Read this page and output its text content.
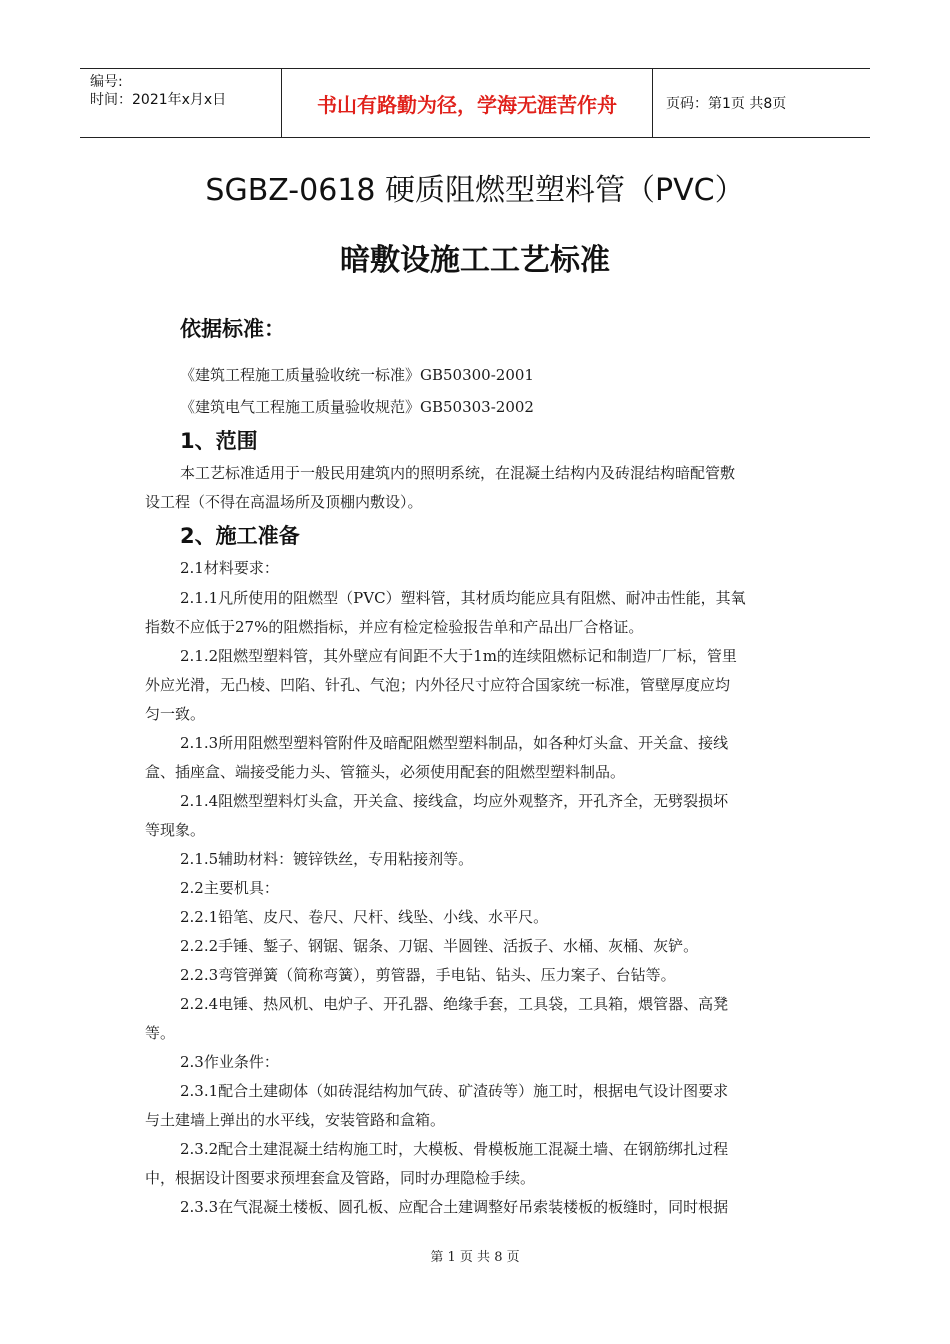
编号:
时间：2021年x月x日	书山有路勤为径，学海无涯苦作舟	页码：第1页 共8页
SGBZ-0618 硬质阻燃型塑料管（PVC）
暗敷设施工工艺标准
依据标准：
《建筑工程施工质量验收统一标准》GB50300-2001
《建筑电气工程施工质量验收规范》GB50303-2002
1、范围
本工艺标准适用于一般民用建筑内的照明系统，在混凝土结构内及砖混结构暗配管敷
设工程（不得在高温场所及顶棚内敷设）。
2、施工准备
2.1材料要求：
2.1.1凡所使用的阻燃型（PVC）塑料管，其材质均能应具有阻燃、耐冲击性能，其氧
指数不应低于27%的阻燃指标，并应有检定检验报告单和产品出厂合格证。
2.1.2阻燃型塑料管，其外壁应有间距不大于1m的连续阻燃标记和制造厂厂标，管里
外应光滑，无凸棱、凹陷、针孔、气泡；内外径尺寸应符合国家统一标准，管壁厚度应均
匀一致。
2.1.3所用阻燃型塑料管附件及暗配阻燃型塑料制品，如各种灯头盒、开关盒、接线
盒、插座盒、端接受能力头、管箍头，必须使用配套的阻燃型塑料制品。
2.1.4阻燃型塑料灯头盒，开关盒、接线盒，均应外观整齐，开孔齐全，无劈裂损坏
等现象。
2.1.5辅助材料：镀锌铁丝，专用粘接剂等。
2.2主要机具：
2.2.1铅笔、皮尺、卷尺、尺杆、线坠、小线、水平尺。
2.2.2手锤、錾子、钢锯、锯条、刀锯、半圆锉、活扳子、水桶、灰桶、灰铲。
2.2.3弯管弹簧（简称弯簧），剪管器，手电钻、钻头、压力案子、台钻等。
2.2.4电锤、热风机、电炉子、开孔器、绝缘手套，工具袋，工具箱，煨管器、高凳
等。
2.3作业条件：
2.3.1配合土建砌体（如砖混结构加气砖、矿渣砖等）施工时，根据电气设计图要求
与土建墙上弹出的水平线，安装管路和盒箱。
2.3.2配合土建混凝土结构施工时，大模板、骨模板施工混凝土墙、在钢筋绑扎过程
中，根据设计图要求预埋套盒及管路，同时办理隐检手续。
2.3.3在气混凝土楼板、圆孔板、应配合土建调整好吊索装楼板的板缝时，同时根据
第 1 页 共 8 页
